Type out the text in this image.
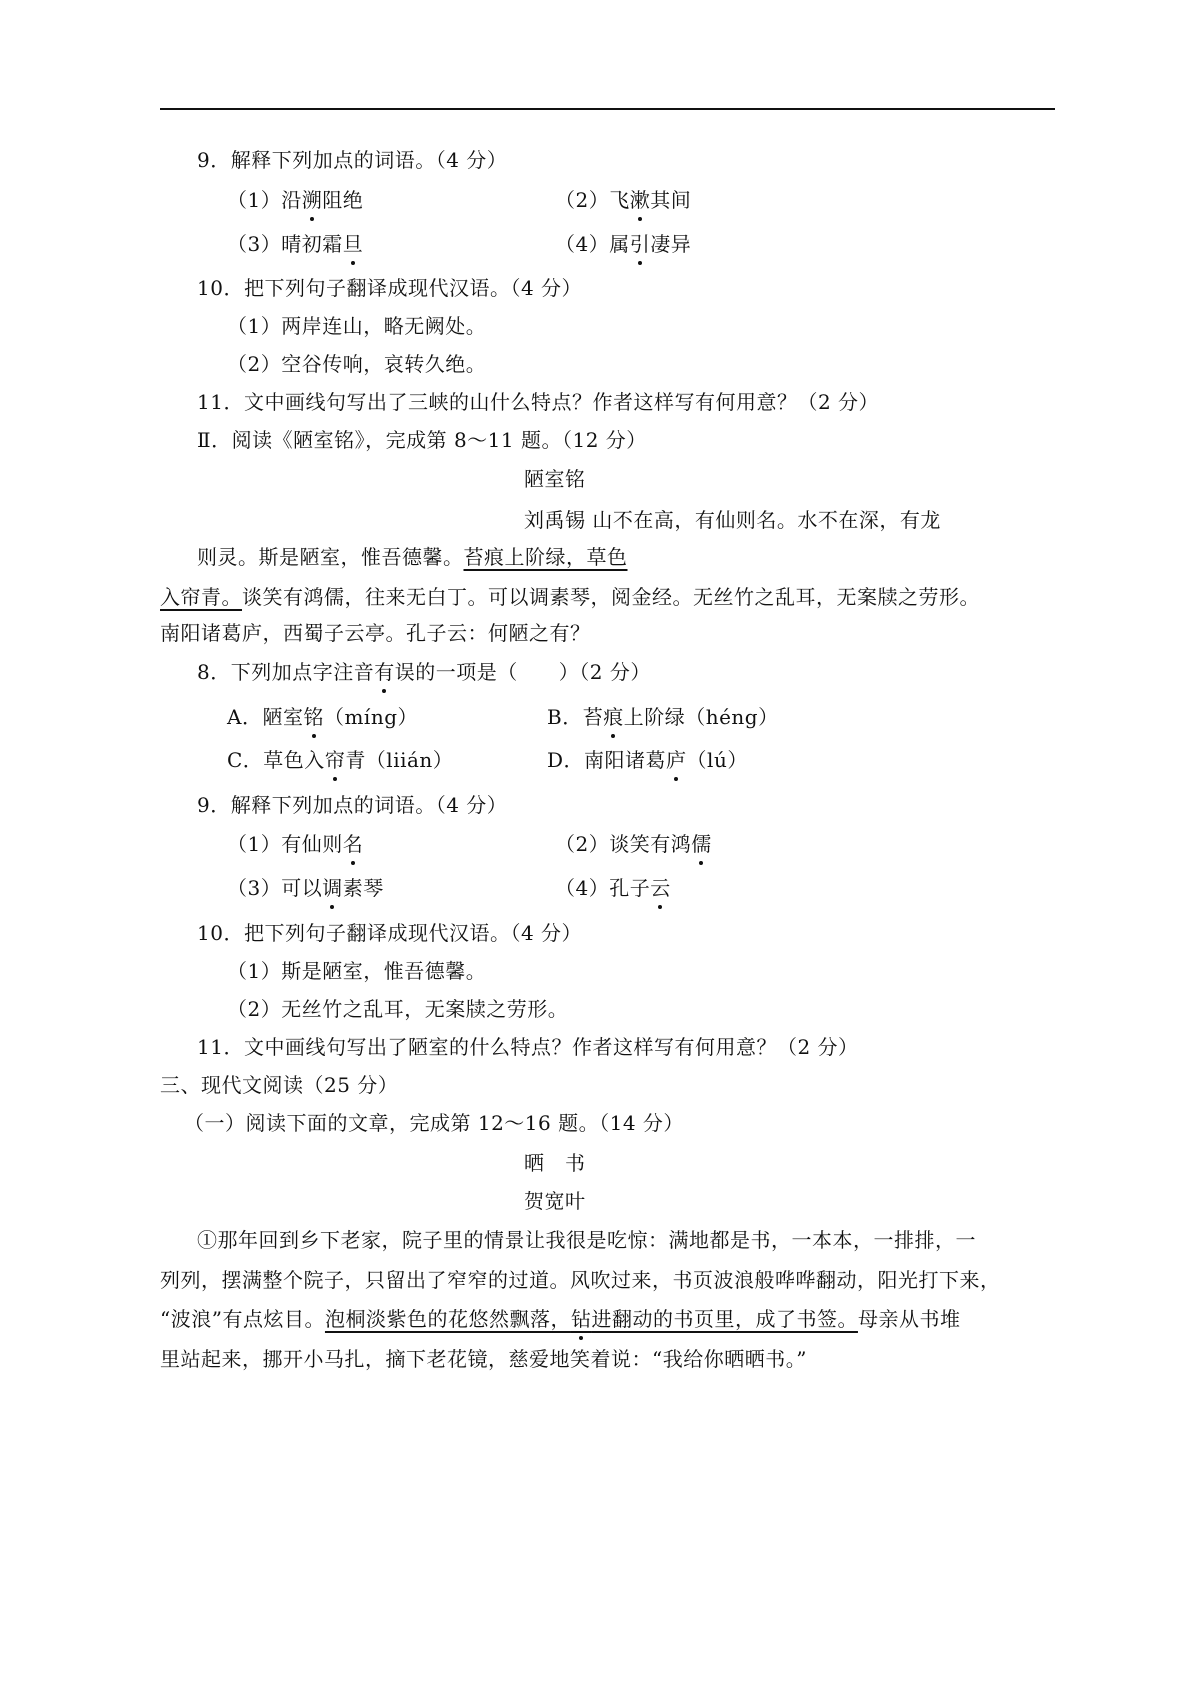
9．解释下列加点的词语。（4 分）
（1）沿溯阻绝	（2）飞漱其间
（3）晴初霜旦	（4）属引凄异
10．把下列句子翻译成现代汉语。（4 分）
（1）两岸连山，略无阙处。
（2）空谷传响，哀转久绝。
11．文中画线句写出了三峡的山什么特点？作者这样写有何用意？（2 分）
Ⅱ．阅读《陋室铭》，完成第 8～11 题。（12 分）
陋室铭
刘禹锡 山不在高，有仙则名。水不在深，有龙
则灵。斯是陋室，惟吾德馨。苔痕上阶绿，草色
入帘青。谈笑有鸿儒，往来无白丁。可以调素琴，阅金经。无丝竹之乱耳，无案牍之劳形。
南阳诸葛庐，西蜀子云亭。孔子云：何陋之有？
8．下列加点字注音有误的一项是（　　）（2 分）
A．陋室铭（míng）	B．苔痕上阶绿（héng）
C．草色入帘青（liián）	D．南阳诸葛庐（lú）
9．解释下列加点的词语。（4 分）
（1）有仙则名	（2）谈笑有鸿儒
（3）可以调素琴	（4）孔子云
10．把下列句子翻译成现代汉语。（4 分）
（1）斯是陋室，惟吾德馨。
（2）无丝竹之乱耳，无案牍之劳形。
11．文中画线句写出了陋室的什么特点？作者这样写有何用意？（2 分）
三、现代文阅读（25 分）
（一）阅读下面的文章，完成第 12～16 题。（14 分）
晒　书
贺宽叶
①那年回到乡下老家，院子里的情景让我很是吃惊：满地都是书，一本本，一排排，一
列列，摆满整个院子，只留出了窄窄的过道。风吹过来，书页波浪般哗哗翻动，阳光打下来，
“波浪”有点炫目。泡桐淡紫色的花悠然飘落，钻进翻动的书页里，成了书签。母亲从书堆
里站起来，挪开小马扎，摘下老花镜，慈爱地笑着说：“我给你晒晒书。”
